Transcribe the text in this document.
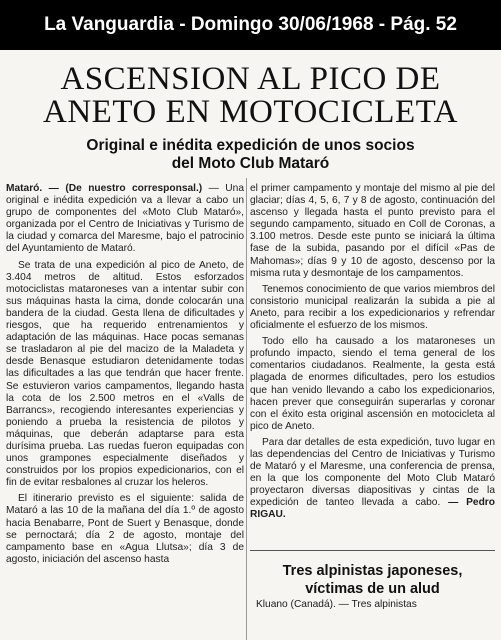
La Vanguardia - Domingo 30/06/1968 - Pág. 52
ASCENSION AL PICO DE
ANETO EN MOTOCICLETA
Original e inédita expedición de unos socios
del Moto Club Mataró

Mataró. — (De nuestro corresponsal.) — Una original e inédita expedición va a llevar a cabo un grupo de componentes del «Moto Club Mataró», organizada por el Centro de Iniciativas y Turismo de la ciudad y comarca del Maresme, bajo el patrocinio del Ayuntamiento de Mataró.

Se trata de una expedición al pico de Aneto, de 3.404 metros de altitud. Estos esforzados motociclistas mataroneses van a intentar subir con sus máquinas hasta la cima, donde colocarán una bandera de la ciudad. Gesta llena de dificultades y riesgos, que ha requerido entrenamientos y adaptación de las máquinas. Hace pocas semanas se trasladaron al pie del macizo de la Maladeta y desde Benasque estudiaron detenidamente todas las dificultades a las que tendrán que hacer frente. Se estuvieron varios campamentos, llegando hasta la cota de los 2.500 metros en el «Valls de Barrancs», recogiendo interesantes experiencias y poniendo a prueba la resistencia de pilotos y máquinas, que deberán adaptarse para esta durísima prueba. Las ruedas fueron equipadas con unos grampones especialmente diseñados y construidos por los propios expedicionarios, con el fin de evitar resbalones al cruzar los heleros.

El itinerario previsto es el siguiente: salida de Mataró a las 10 de la mañana del día 1.º de agosto hacia Benabarre, Pont de Suert y Benasque, donde se pernoctará; día 2 de agosto, montaje del campamento base en «Agua Llutsa»; día 3 de agosto, iniciación del ascenso hasta

el primer campamento y montaje del mismo al pie del glaciar; días 4, 5, 6, 7 y 8 de agosto, continuación del ascenso y llegada hasta el punto previsto para el segundo campamento, situado en Coll de Coronas, a 3.100 metros. Desde este punto se iniciará la última fase de la subida, pasando por el difícil «Pas de Mahomas»; días 9 y 10 de agosto, descenso por la misma ruta y desmontaje de los campamentos.

Tenemos conocimiento de que varios miembros del consistorio municipal realizarán la subida a pie al Aneto, para recibir a los expedicionarios y refrendar oficialmente el esfuerzo de los mismos.

Todo ello ha causado a los mataroneses un profundo impacto, siendo el tema general de los comentarios ciudadanos. Realmente, la gesta está plagada de enormes dificultades, pero los estudios que han venido llevando a cabo los expedicionarios, hacen prever que conseguirán superarlas y coronar con el éxito esta original ascensión en motocicleta al pico de Aneto.

Para dar detalles de esta expedición, tuvo lugar en las dependencias del Centro de Iniciativas y Turismo de Mataró y el Maresme, una conferencia de prensa, en la que los componente del Moto Club Mataró proyectaron diversas diapositivas y cintas de la expedición de tanteo llevada a cabo. — Pedro RIGAU.

Tres alpinistas japoneses,
víctimas de un alud
Kluano (Canadá). — Tres alpinistas
